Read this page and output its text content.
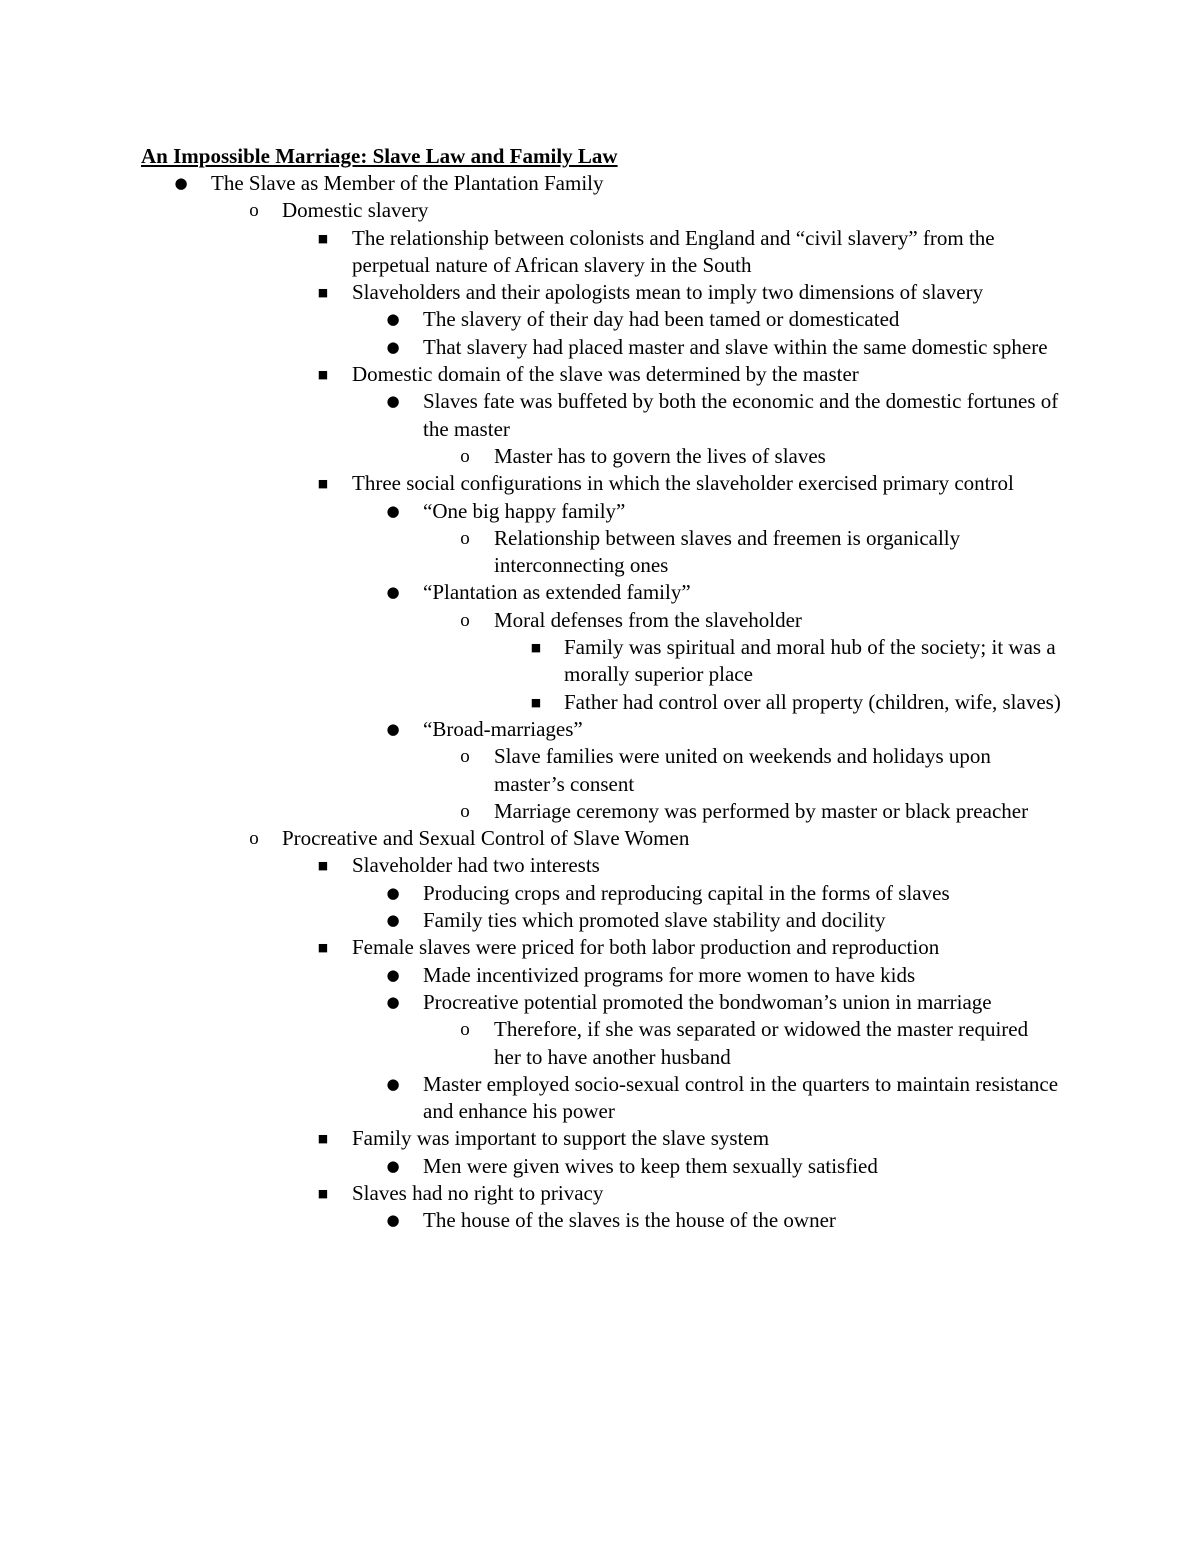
An Impossible Marriage: Slave Law and Family Law
● The Slave as Member of the Plantation Family
o Domestic slavery
■ The relationship between colonists and England and “civil slavery” from the perpetual nature of African slavery in the South
■ Slaveholders and their apologists mean to imply two dimensions of slavery
● The slavery of their day had been tamed or domesticated
● That slavery had placed master and slave within the same domestic sphere
■ Domestic domain of the slave was determined by the master
● Slaves fate was buffeted by both the economic and the domestic fortunes of the master
o Master has to govern the lives of slaves
■ Three social configurations in which the slaveholder exercised primary control
● “One big happy family”
o Relationship between slaves and freemen is organically interconnecting ones
● “Plantation as extended family”
o Moral defenses from the slaveholder
■ Family was spiritual and moral hub of the society; it was a morally superior place
■ Father had control over all property (children, wife, slaves)
● “Broad-marriages”
o Slave families were united on weekends and holidays upon master’s consent
o Marriage ceremony was performed by master or black preacher
o Procreative and Sexual Control of Slave Women
■ Slaveholder had two interests
● Producing crops and reproducing capital in the forms of slaves
● Family ties which promoted slave stability and docility
■ Female slaves were priced for both labor production and reproduction
● Made incentivized programs for more women to have kids
● Procreative potential promoted the bondwoman’s union in marriage
o Therefore, if she was separated or widowed the master required her to have another husband
● Master employed socio-sexual control in the quarters to maintain resistance and enhance his power
■ Family was important to support the slave system
● Men were given wives to keep them sexually satisfied
■ Slaves had no right to privacy
● The house of the slaves is the house of the owner
